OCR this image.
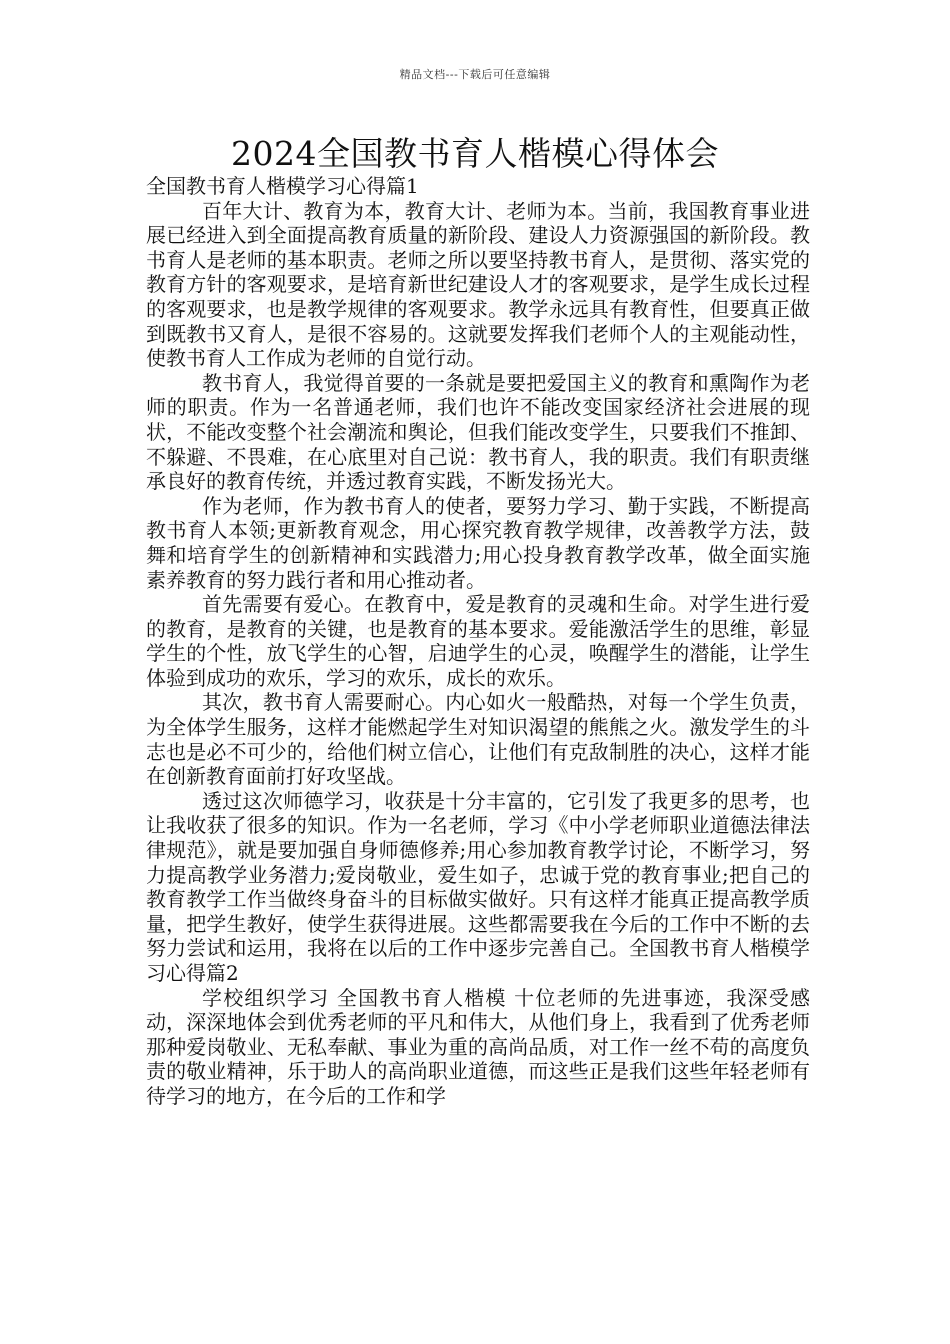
精品文档---下载后可任意编辑
2024全国教书育人楷模心得体会

全国教书育人楷模学习心得篇1

百年大计、教育为本，教育大计、老师为本。当前，我国教育事业进展已经进入到全面提高教育质量的新阶段、建设人力资源强国的新阶段。教书育人是老师的基本职责。老师之所以要坚持教书育人，是贯彻、落实党的教育方针的客观要求，是培育新世纪建设人才的客观要求，是学生成长过程的客观要求，也是教学规律的客观要求。教学永远具有教育性，但要真正做到既教书又育人，是很不容易的。这就要发挥我们老师个人的主观能动性，使教书育人工作成为老师的自觉行动。

教书育人，我觉得首要的一条就是要把爱国主义的教育和熏陶作为老师的职责。作为一名普通老师，我们也许不能改变国家经济社会进展的现状，不能改变整个社会潮流和舆论，但我们能改变学生，只要我们不推卸、不躲避、不畏难，在心底里对自己说：教书育人，我的职责。我们有职责继承良好的教育传统，并透过教育实践，不断发扬光大。

作为老师，作为教书育人的使者，要努力学习、勤于实践，不断提高教书育人本领;更新教育观念，用心探究教育教学规律，改善教学方法，鼓舞和培育学生的创新精神和实践潜力;用心投身教育教学改革，做全面实施素养教育的努力践行者和用心推动者。

首先需要有爱心。在教育中，爱是教育的灵魂和生命。对学生进行爱的教育，是教育的关键，也是教育的基本要求。爱能激活学生的思维，彰显学生的个性，放飞学生的心智，启迪学生的心灵，唤醒学生的潜能，让学生体验到成功的欢乐，学习的欢乐，成长的欢乐。

其次，教书育人需要耐心。内心如火一般酷热，对每一个学生负责，为全体学生服务，这样才能燃起学生对知识渴望的熊熊之火。激发学生的斗志也是必不可少的，给他们树立信心，让他们有克敌制胜的决心，这样才能在创新教育面前打好攻坚战。

透过这次师德学习，收获是十分丰富的，它引发了我更多的思考，也让我收获了很多的知识。作为一名老师，学习《中小学老师职业道德法律法律规范》，就是要加强自身师德修养;用心参加教育教学讨论，不断学习，努力提高教学业务潜力;爱岗敬业，爱生如子，忠诚于党的教育事业;把自己的教育教学工作当做终身奋斗的目标做实做好。只有这样才能真正提高教学质量，把学生教好，使学生获得进展。这些都需要我在今后的工作中不断的去努力尝试和运用，我将在以后的工作中逐步完善自己。全国教书育人楷模学习心得篇2

学校组织学习 全国教书育人楷模 十位老师的先进事迹，我深受感动，深深地体会到优秀老师的平凡和伟大，从他们身上，我看到了优秀老师那种爱岗敬业、无私奉献、事业为重的高尚品质，对工作一丝不苟的高度负责的敬业精神，乐于助人的高尚职业道德，而这些正是我们这些年轻老师有待学习的地方，在今后的工作和学
